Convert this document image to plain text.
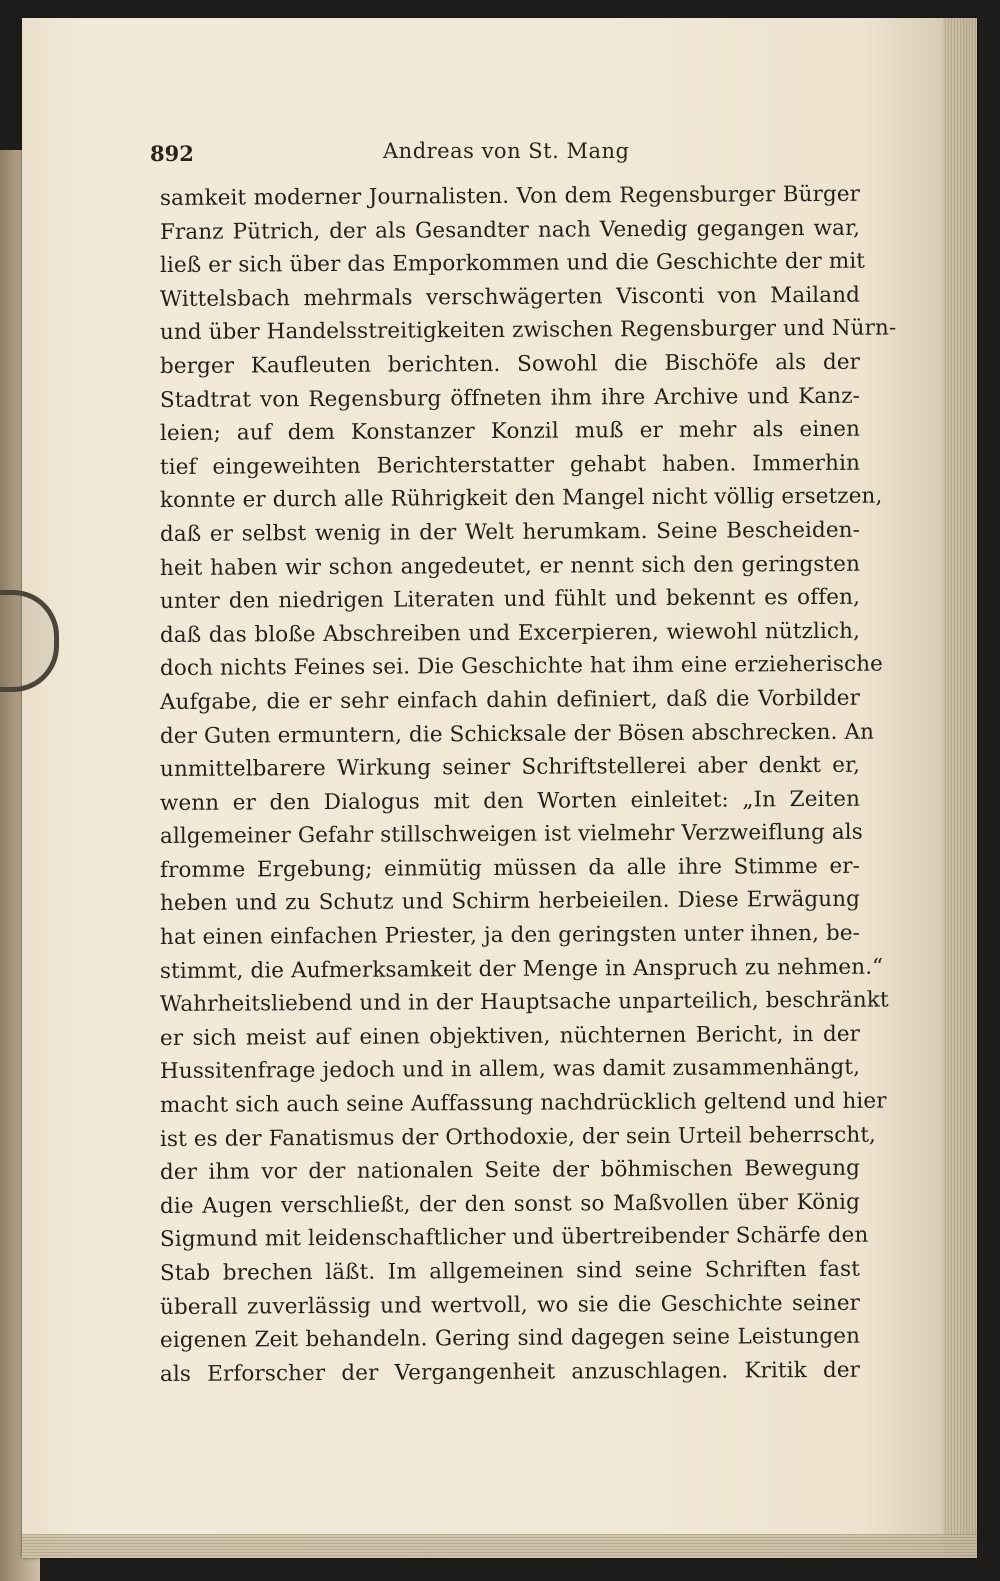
892	Andreas von St. Mang
samkeit moderner Journalisten. Von dem Regensburger Bürger
Franz Pütrich, der als Gesandter nach Venedig gegangen war,
ließ er sich über das Emporkommen und die Geschichte der mit
Wittelsbach mehrmals verschwägerten Visconti von Mailand
und über Handelsstreitigkeiten zwischen Regensburger und Nürn-
berger Kaufleuten berichten. Sowohl die Bischöfe als der
Stadtrat von Regensburg öffneten ihm ihre Archive und Kanz-
leien; auf dem Konstanzer Konzil muß er mehr als einen
tief eingeweihten Berichterstatter gehabt haben. Immerhin
konnte er durch alle Rührigkeit den Mangel nicht völlig ersetzen,
daß er selbst wenig in der Welt herumkam. Seine Bescheiden-
heit haben wir schon angedeutet, er nennt sich den geringsten
unter den niedrigen Literaten und fühlt und bekennt es offen,
daß das bloße Abschreiben und Excerpieren, wiewohl nützlich,
doch nichts Feines sei. Die Geschichte hat ihm eine erzieherische
Aufgabe, die er sehr einfach dahin definiert, daß die Vorbilder
der Guten ermuntern, die Schicksale der Bösen abschrecken. An
unmittelbarere Wirkung seiner Schriftstellerei aber denkt er,
wenn er den Dialogus mit den Worten einleitet: „In Zeiten
allgemeiner Gefahr stillschweigen ist vielmehr Verzweiflung als
fromme Ergebung; einmütig müssen da alle ihre Stimme er-
heben und zu Schutz und Schirm herbeieilen. Diese Erwägung
hat einen einfachen Priester, ja den geringsten unter ihnen, be-
stimmt, die Aufmerksamkeit der Menge in Anspruch zu nehmen.“
Wahrheitsliebend und in der Hauptsache unparteilich, beschränkt
er sich meist auf einen objektiven, nüchternen Bericht, in der
Hussitenfrage jedoch und in allem, was damit zusammenhängt,
macht sich auch seine Auffassung nachdrücklich geltend und hier
ist es der Fanatismus der Orthodoxie, der sein Urteil beherrscht,
der ihm vor der nationalen Seite der böhmischen Bewegung
die Augen verschließt, der den sonst so Maßvollen über König
Sigmund mit leidenschaftlicher und übertreibender Schärfe den
Stab brechen läßt. Im allgemeinen sind seine Schriften fast
überall zuverlässig und wertvoll, wo sie die Geschichte seiner
eigenen Zeit behandeln. Gering sind dagegen seine Leistungen
als Erforscher der Vergangenheit anzuschlagen. Kritik der
